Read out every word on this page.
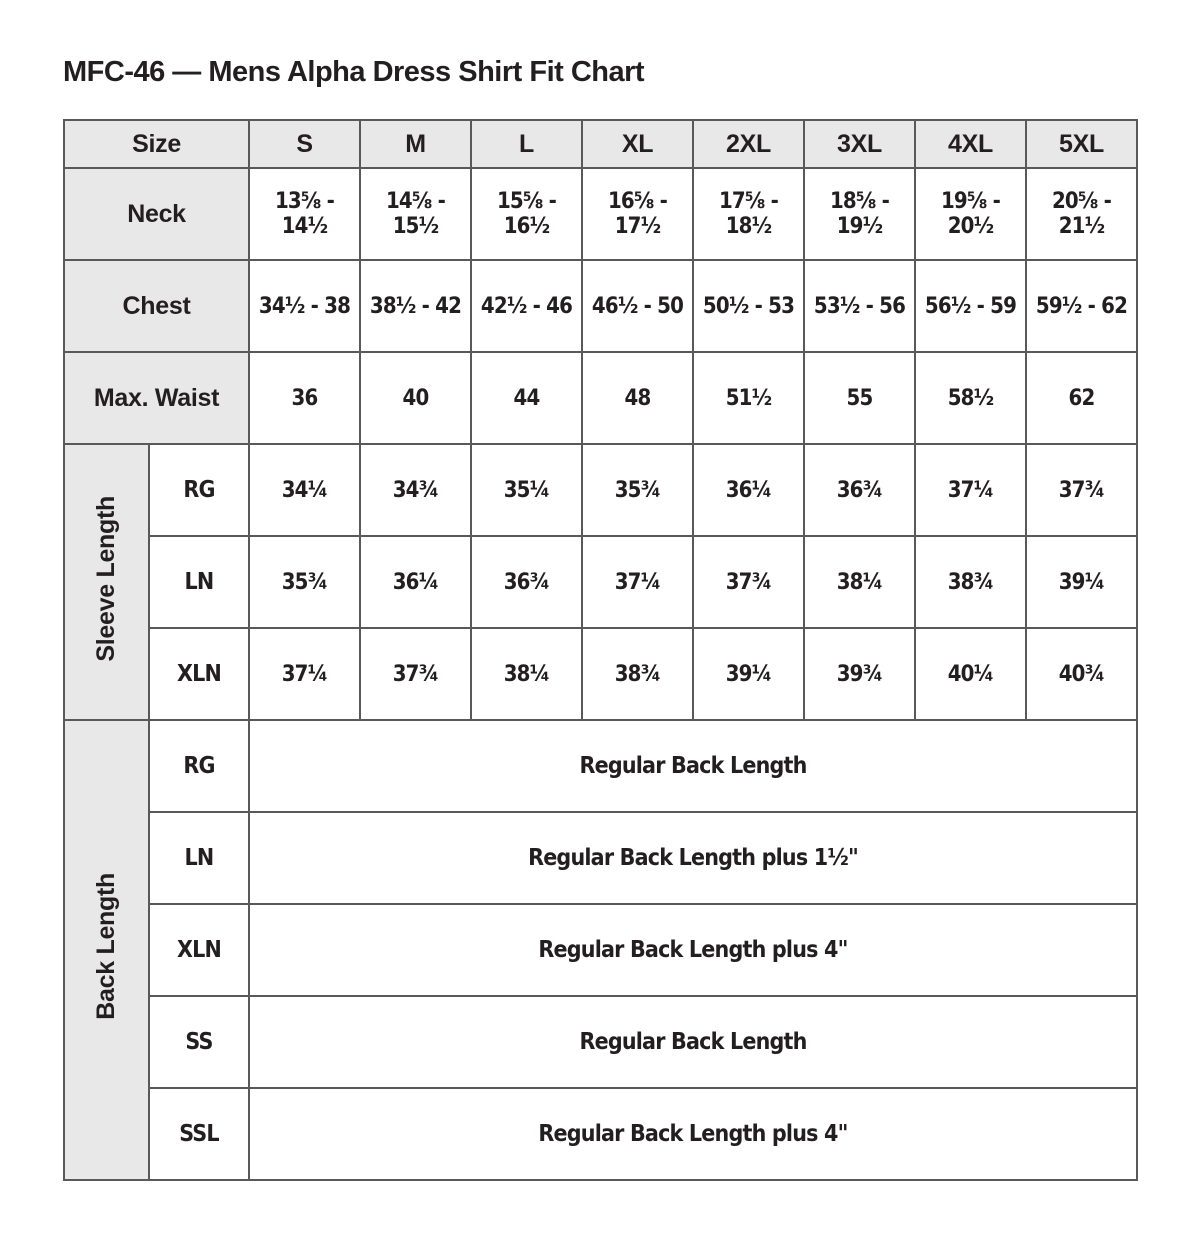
MFC-46 — Mens Alpha Dress Shirt Fit Chart
Size		S	M	L	XL	2XL	3XL	4XL	5XL
Neck		13⅝ - 14½	14⅝ - 15½	15⅝ - 16½	16⅝ - 17½	17⅝ - 18½	18⅝ - 19½	19⅝ - 20½	20⅝ - 21½
Chest		34½ - 38	38½ - 42	42½ - 46	46½ - 50	50½ - 53	53½ - 56	56½ - 59	59½ - 62
Max. Waist		36	40	44	48	51½	55	58½	62
Sleeve Length	RG	34¼	34¾	35¼	35¾	36¼	36¾	37¼	37¾
	LN	35¾	36¼	36¾	37¼	37¾	38¼	38¾	39¼
	XLN	37¼	37¾	38¼	38¾	39¼	39¾	40¼	40¾
Back Length	RG	Regular Back Length							
	LN	Regular Back Length plus 1½"							
	XLN	Regular Back Length plus 4"							
	SS	Regular Back Length							
	SSL	Regular Back Length plus 4"							
